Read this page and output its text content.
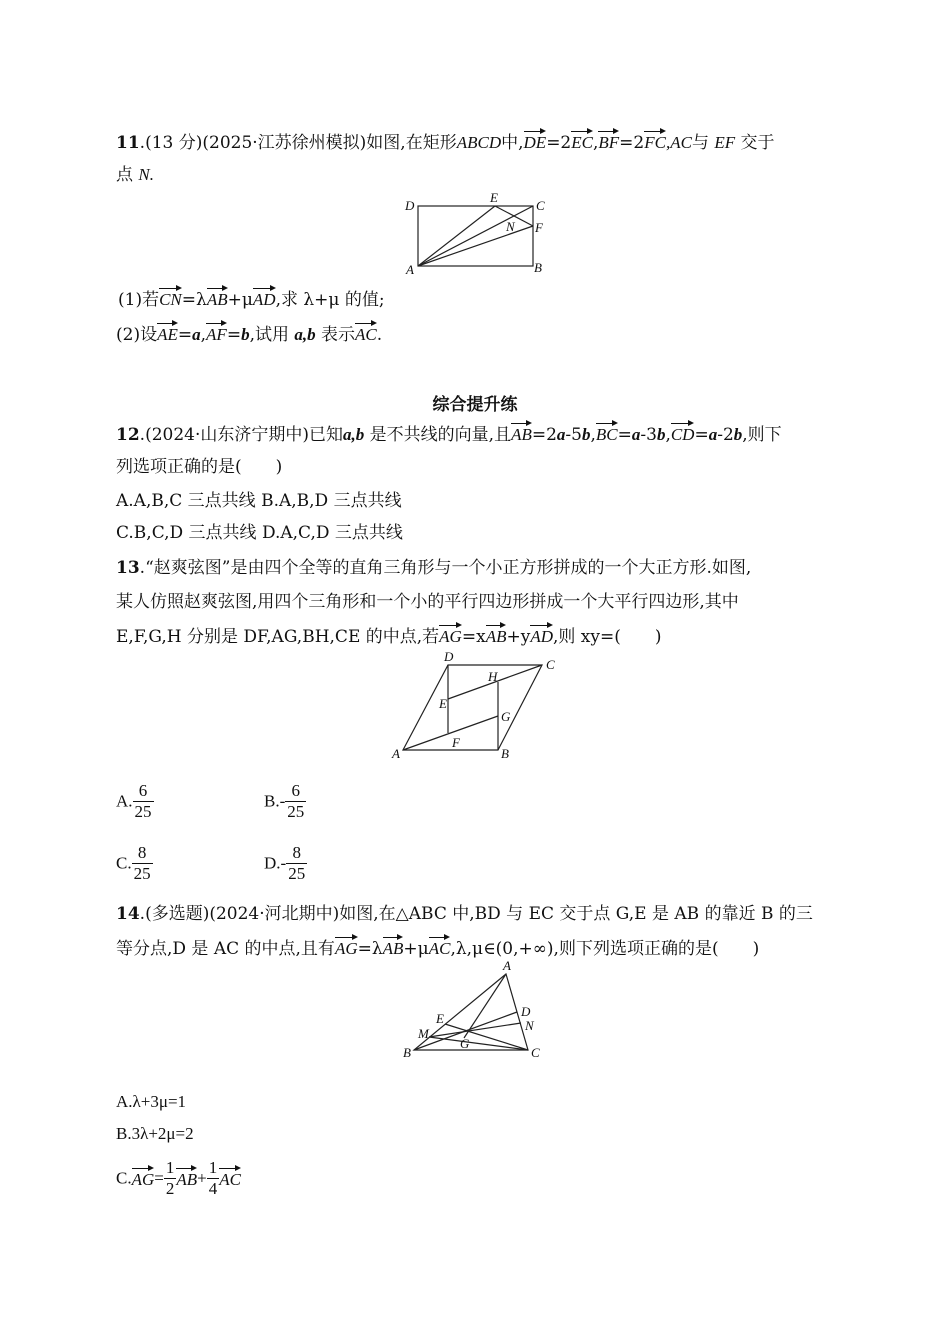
11.(13 分)(2025·江苏徐州模拟)如图,在矩形ABCD中,DE=2EC,BF=2FC,AC与 EF 交于
点 N.
D
E
C
N F
A	B
(1)若CN=λAB+μAD,求 λ+μ 的值;
(2)设AE=a,AF=b,试用 a,b 表示AC.
综合提升练
12.(2024·山东济宁期中)已知a,b 是不共线的向量,且AB=2a-5b,BC=a-3b,CD=a-2b,则下
列选项正确的是(　　)
A.A,B,C 三点共线 B.A,B,D 三点共线
C.B,C,D 三点共线 D.A,C,D 三点共线
13.“赵爽弦图”是由四个全等的直角三角形与一个小正方形拼成的一个大正方形.如图,
某人仿照赵爽弦图,用四个三角形和一个小的平行四边形拼成一个大平行四边形,其中
E,F,G,H 分别是 DF,AG,BH,CE 的中点,若AG=xAB+yAD,则 xy=(　　)
D
C
H
E
G
F
A	B
A. $\frac{6}{25}$	$B.- \frac{6}{25}$
C. $\frac{8}{25}$	$D.- \frac{8}{25}$
14.(多选题)(2024·河北期中)如图,在△ABC 中,BD 与 EC 交于点 G,E 是 AB 的靠近 B 的三
等分点,D 是 AC 的中点,且有AG=λAB+μAC,λ,μ∈(0,+∞),则下列选项正确的是(　　)
A
D
N
E
M
G
B	C
A.λ+3μ=1
B.3λ+2μ=2
$C.AG= \frac{1}{2} AB+ \frac{1}{4}$ AC
